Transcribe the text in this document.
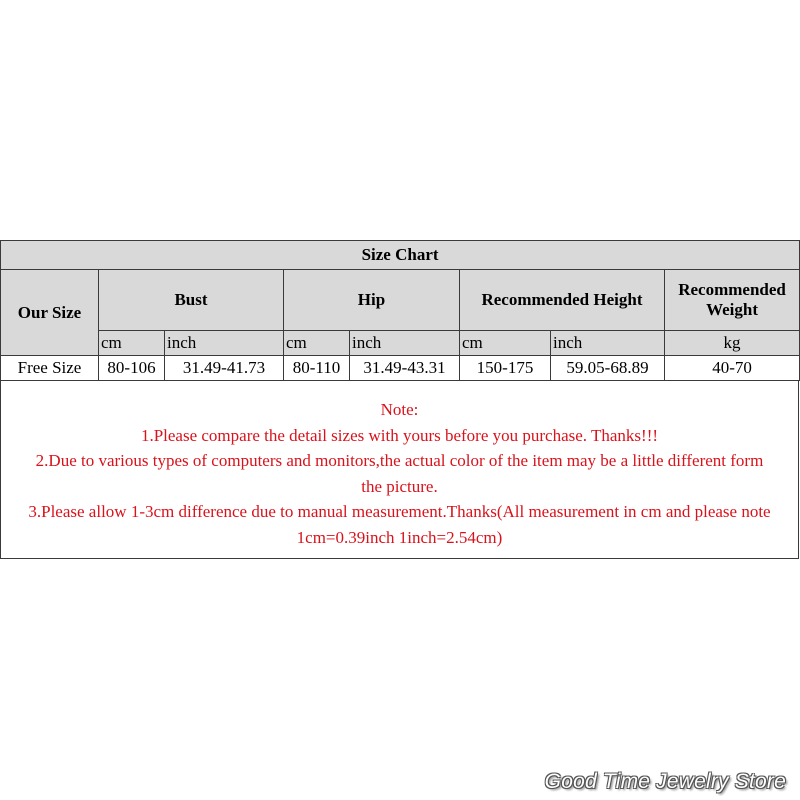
Size Chart							
Our Size	Bust		Hip		Recommended Height		Recommended Weight
	cm	inch	cm	inch	cm	inch	kg
Free Size	80-106	31.49-41.73	80-110	31.49-43.31	150-175	59.05-68.89	40-70
Note:
1.Please compare the detail sizes with yours before you purchase. Thanks!!!
2.Due to various types of computers and monitors,the actual color of the item may be a little different form the picture.
3.Please allow 1-3cm difference due to manual measurement.Thanks(All measurement in cm and please note 1cm=0.39inch 1inch=2.54cm)
Good Time Jewelry Store
